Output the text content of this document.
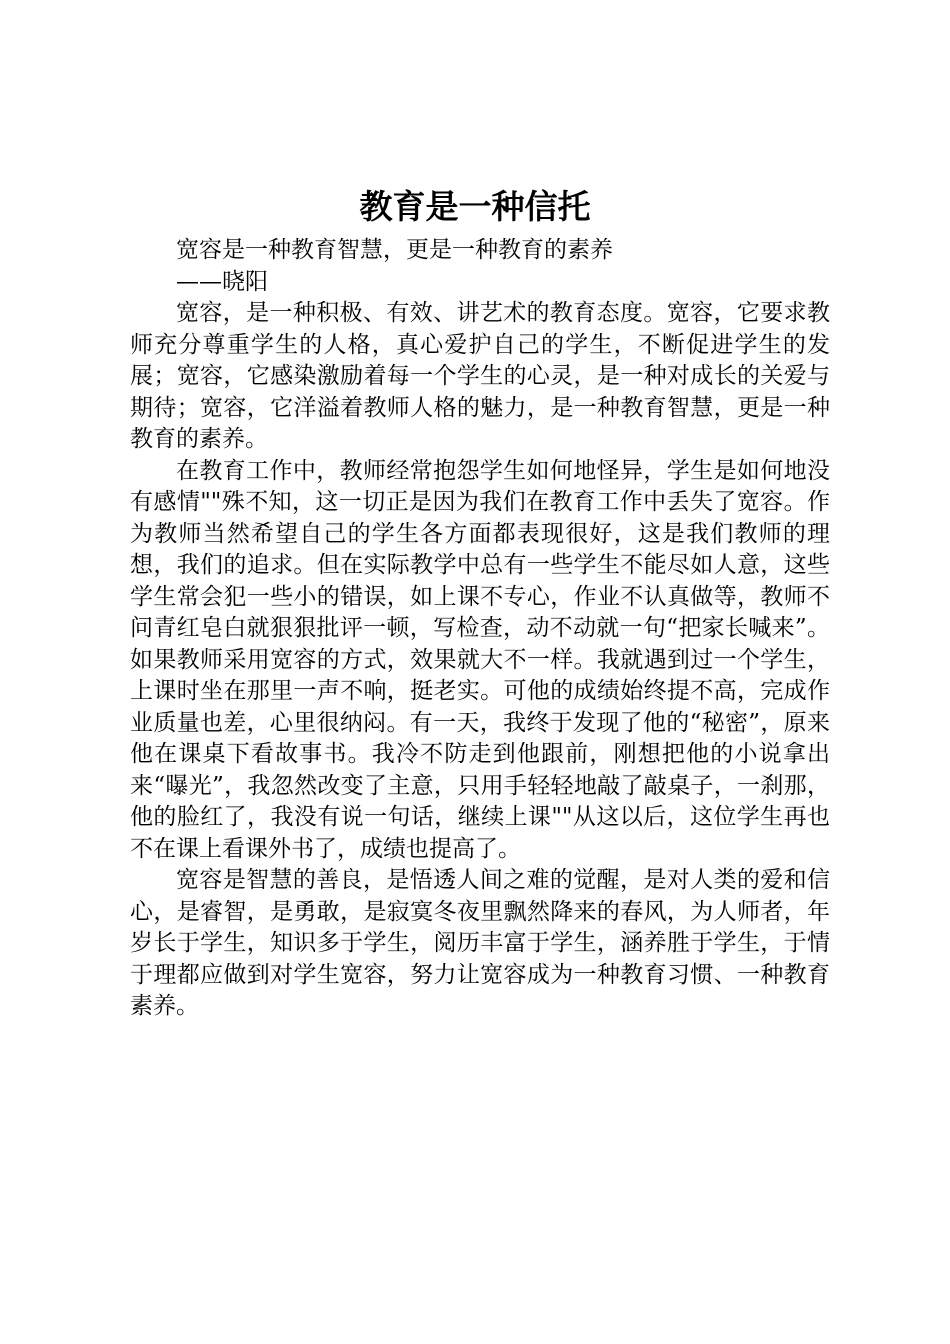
教育是一种信托

宽容是一种教育智慧，更是一种教育的素养

——晓阳

宽容，是一种积极、有效、讲艺术的教育态度。宽容，它要求教师充分尊重学生的人格，真心爱护自己的学生，不断促进学生的发展；宽容，它感染激励着每一个学生的心灵，是一种对成长的关爱与期待；宽容，它洋溢着教师人格的魅力，是一种教育智慧，更是一种教育的素养。

在教育工作中，教师经常抱怨学生如何地怪异，学生是如何地没有感情""殊不知，这一切正是因为我们在教育工作中丢失了宽容。作为教师当然希望自己的学生各方面都表现很好，这是我们教师的理想，我们的追求。但在实际教学中总有一些学生不能尽如人意，这些学生常会犯一些小的错误，如上课不专心，作业不认真做等，教师不问青红皂白就狠狠批评一顿，写检查，动不动就一句“把家长喊来”。如果教师采用宽容的方式，效果就大不一样。我就遇到过一个学生，上课时坐在那里一声不响，挺老实。可他的成绩始终提不高，完成作业质量也差，心里很纳闷。有一天，我终于发现了他的“秘密”，原来他在课桌下看故事书。我冷不防走到他跟前，刚想把他的小说拿出来“曝光”，我忽然改变了主意，只用手轻轻地敲了敲桌子，一刹那，他的脸红了，我没有说一句话，继续上课""从这以后，这位学生再也不在课上看课外书了，成绩也提高了。

宽容是智慧的善良，是悟透人间之难的觉醒，是对人类的爱和信心，是睿智，是勇敢，是寂寞冬夜里飘然降来的春风，为人师者，年岁长于学生，知识多于学生，阅历丰富于学生，涵养胜于学生，于情于理都应做到对学生宽容，努力让宽容成为一种教育习惯、一种教育素养。
